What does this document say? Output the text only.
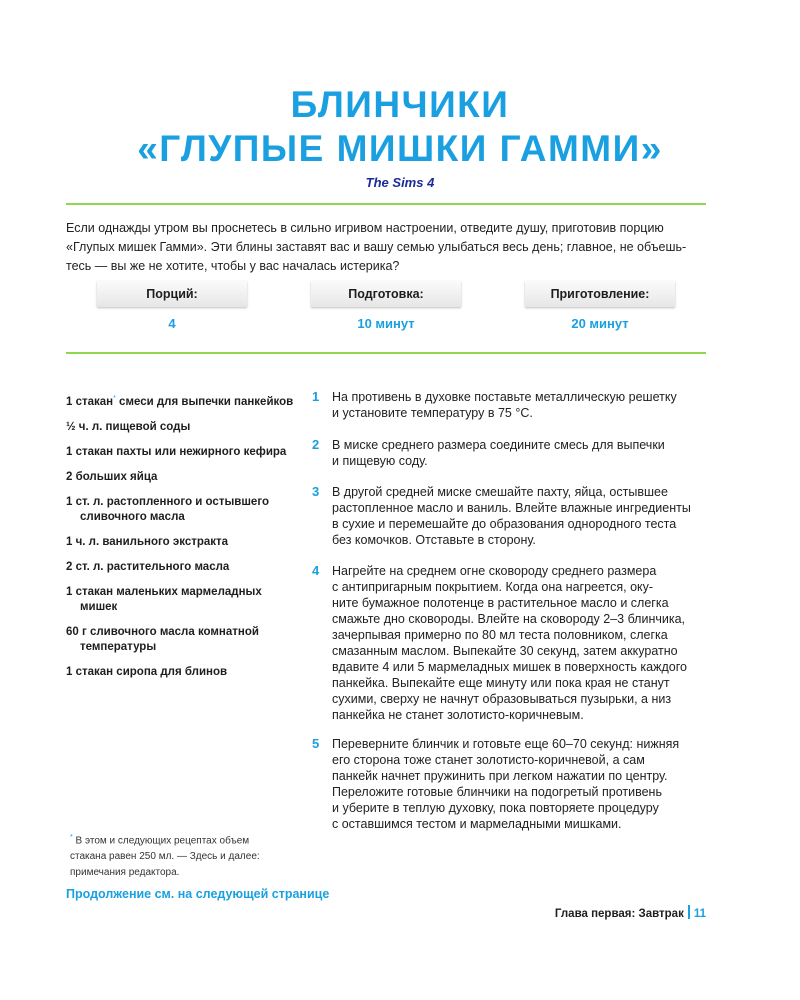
БЛИНЧИКИ
«ГЛУПЫЕ МИШКИ ГАММИ»
The Sims 4

Если однажды утром вы проснетесь в сильно игривом настроении, отведите душу, приготовив порцию

«Глупых мишек Гамми». Эти блины заставят вас и вашу семью улыбаться весь день; главное, не объешь-

тесь — вы же не хотите, чтобы у вас началась истерика?

Порций:	Подготовка:	Приготовление:
4	10 минут	20 минут
1 стакан* смеси для выпечки панкейков
½ ч. л. пищевой соды
1 стакан пахты или нежирного кефира
2 больших яйца
1 ст. л. растопленного и остывшего сливочного масла
1 ч. л. ванильного экстракта
2 ст. л. растительного масла
1 стакан маленьких мармеладных мишек
60 г сливочного масла комнатной температуры
1 стакан сиропа для блинов
1 На противень в духовке поставьте металлическую решетку
и установите температуру в 75 °C.
2 В миске среднего размера соедините смесь для выпечки
и пищевую соду.
3 В другой средней миске смешайте пахту, яйца, остывшее
растопленное масло и ваниль. Влейте влажные ингредиенты
в сухие и перемешайте до образования однородного теста
без комочков. Отставьте в сторону.
4 Нагрейте на среднем огне сковороду среднего размера
с антипригарным покрытием. Когда она нагреется, оку-
ните бумажное полотенце в растительное масло и слегка
смажьте дно сковороды. Влейте на сковороду 2–3 блинчика,
зачерпывая примерно по 80 мл теста половником, слегка
смазанным маслом. Выпекайте 30 секунд, затем аккуратно
вдавите 4 или 5 мармеладных мишек в поверхность каждого
панкейка. Выпекайте еще минуту или пока края не станут
сухими, сверху не начнут образовываться пузырьки, а низ
панкейка не станет золотисто-коричневым.
5 Переверните блинчик и готовьте еще 60–70 секунд: нижняя
его сторона тоже станет золотисто-коричневой, а сам
панкейк начнет пружинить при легком нажатии по центру.
Переложите готовые блинчики на подогретый противень
и уберите в теплую духовку, пока повторяете процедуру
с оставшимся тестом и мармеладными мишками.
* В этом и следующих рецептах объем
стакана равен 250 мл. — Здесь и далее:
примечания редактора.
Продолжение см. на следующей странице
Глава первая: Завтрак 11
